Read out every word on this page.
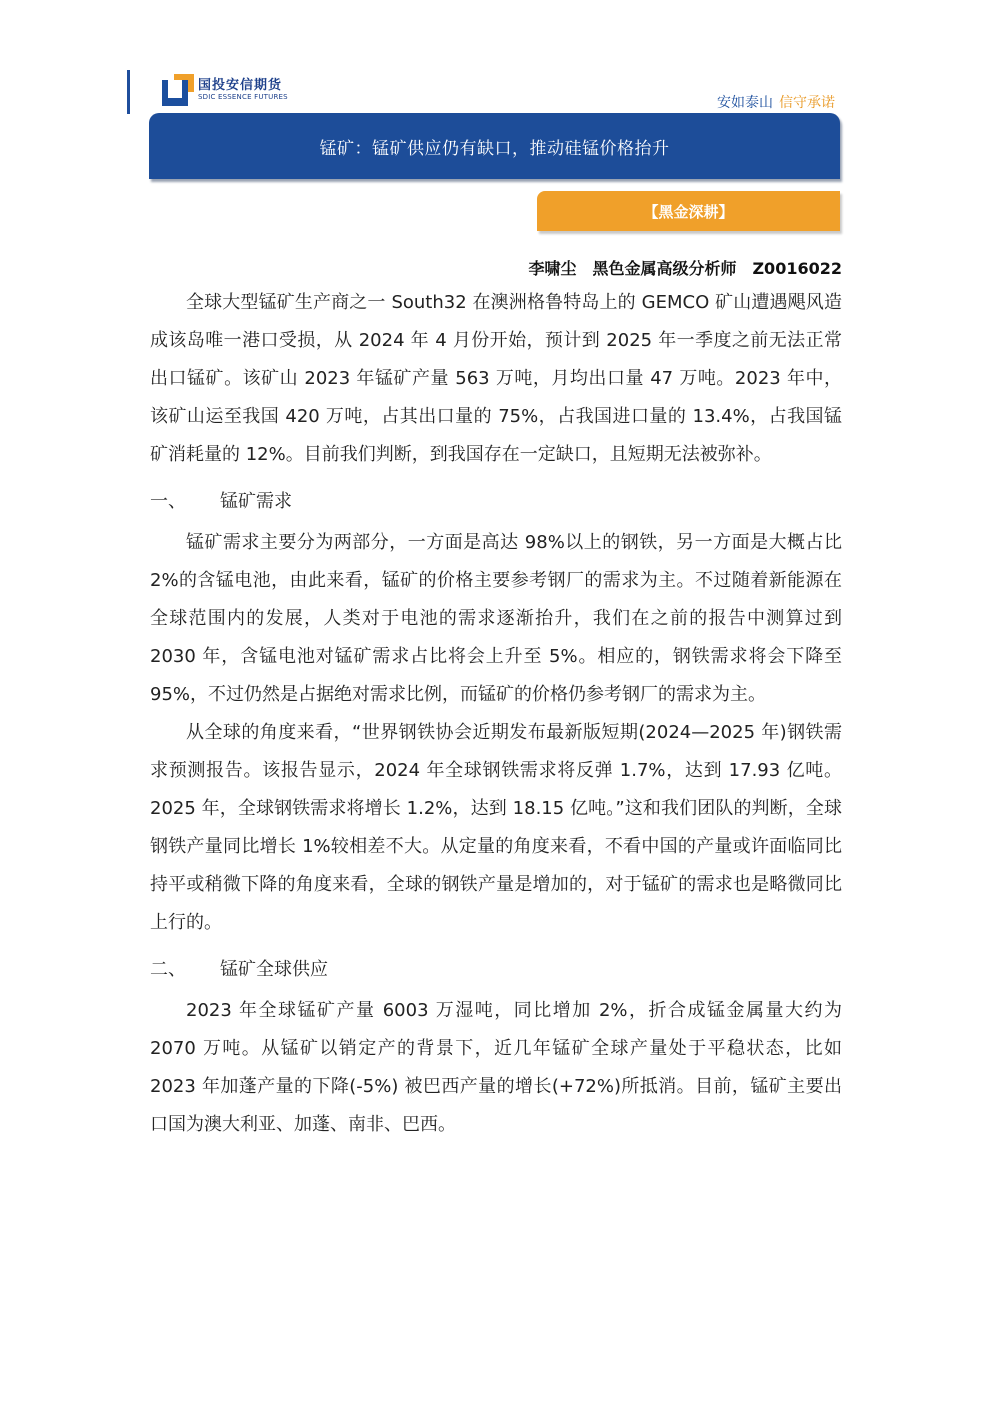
国投安信期货
SDIC ESSENCE FUTURES	安如泰山 信守承诺
锰矿：锰矿供应仍有缺口，推动硅锰价格抬升
【黑金深耕】
李啸尘　黑色金属高级分析师　Z0016022

全球大型锰矿生产商之一 South32 在澳洲格鲁特岛上的 GEMCO 矿山遭遇飓风造成该岛唯一港口受损，从 2024 年 4 月份开始，预计到 2025 年一季度之前无法正常出口锰矿。该矿山 2023 年锰矿产量 563 万吨，月均出口量 47 万吨。2023 年中，该矿山运至我国 420 万吨，占其出口量的 75%，占我国进口量的 13.4%，占我国锰矿消耗量的 12%。目前我们判断，到我国存在一定缺口，且短期无法被弥补。

一、 锰矿需求

锰矿需求主要分为两部分，一方面是高达 98%以上的钢铁，另一方面是大概占比 2%的含锰电池，由此来看，锰矿的价格主要参考钢厂的需求为主。不过随着新能源在全球范围内的发展，人类对于电池的需求逐渐抬升，我们在之前的报告中测算过到 2030 年，含锰电池对锰矿需求占比将会上升至 5%。相应的，钢铁需求将会下降至 95%，不过仍然是占据绝对需求比例，而锰矿的价格仍参考钢厂的需求为主。

从全球的角度来看，“世界钢铁协会近期发布最新版短期(2024—2025 年)钢铁需求预测报告。该报告显示，2024 年全球钢铁需求将反弹 1.7%，达到 17.93 亿吨。2025 年，全球钢铁需求将增长 1.2%，达到 18.15 亿吨。”这和我们团队的判断，全球钢铁产量同比增长 1%较相差不大。从定量的角度来看，不看中国的产量或许面临同比持平或稍微下降的角度来看，全球的钢铁产量是增加的，对于锰矿的需求也是略微同比上行的。

二、 锰矿全球供应

2023 年全球锰矿产量 6003 万湿吨，同比增加 2%，折合成锰金属量大约为 2070 万吨。从锰矿以销定产的背景下，近几年锰矿全球产量处于平稳状态，比如 2023 年加蓬产量的下降(-5%) 被巴西产量的增长(+72%)所抵消。目前，锰矿主要出口国为澳大利亚、加蓬、南非、巴西。
